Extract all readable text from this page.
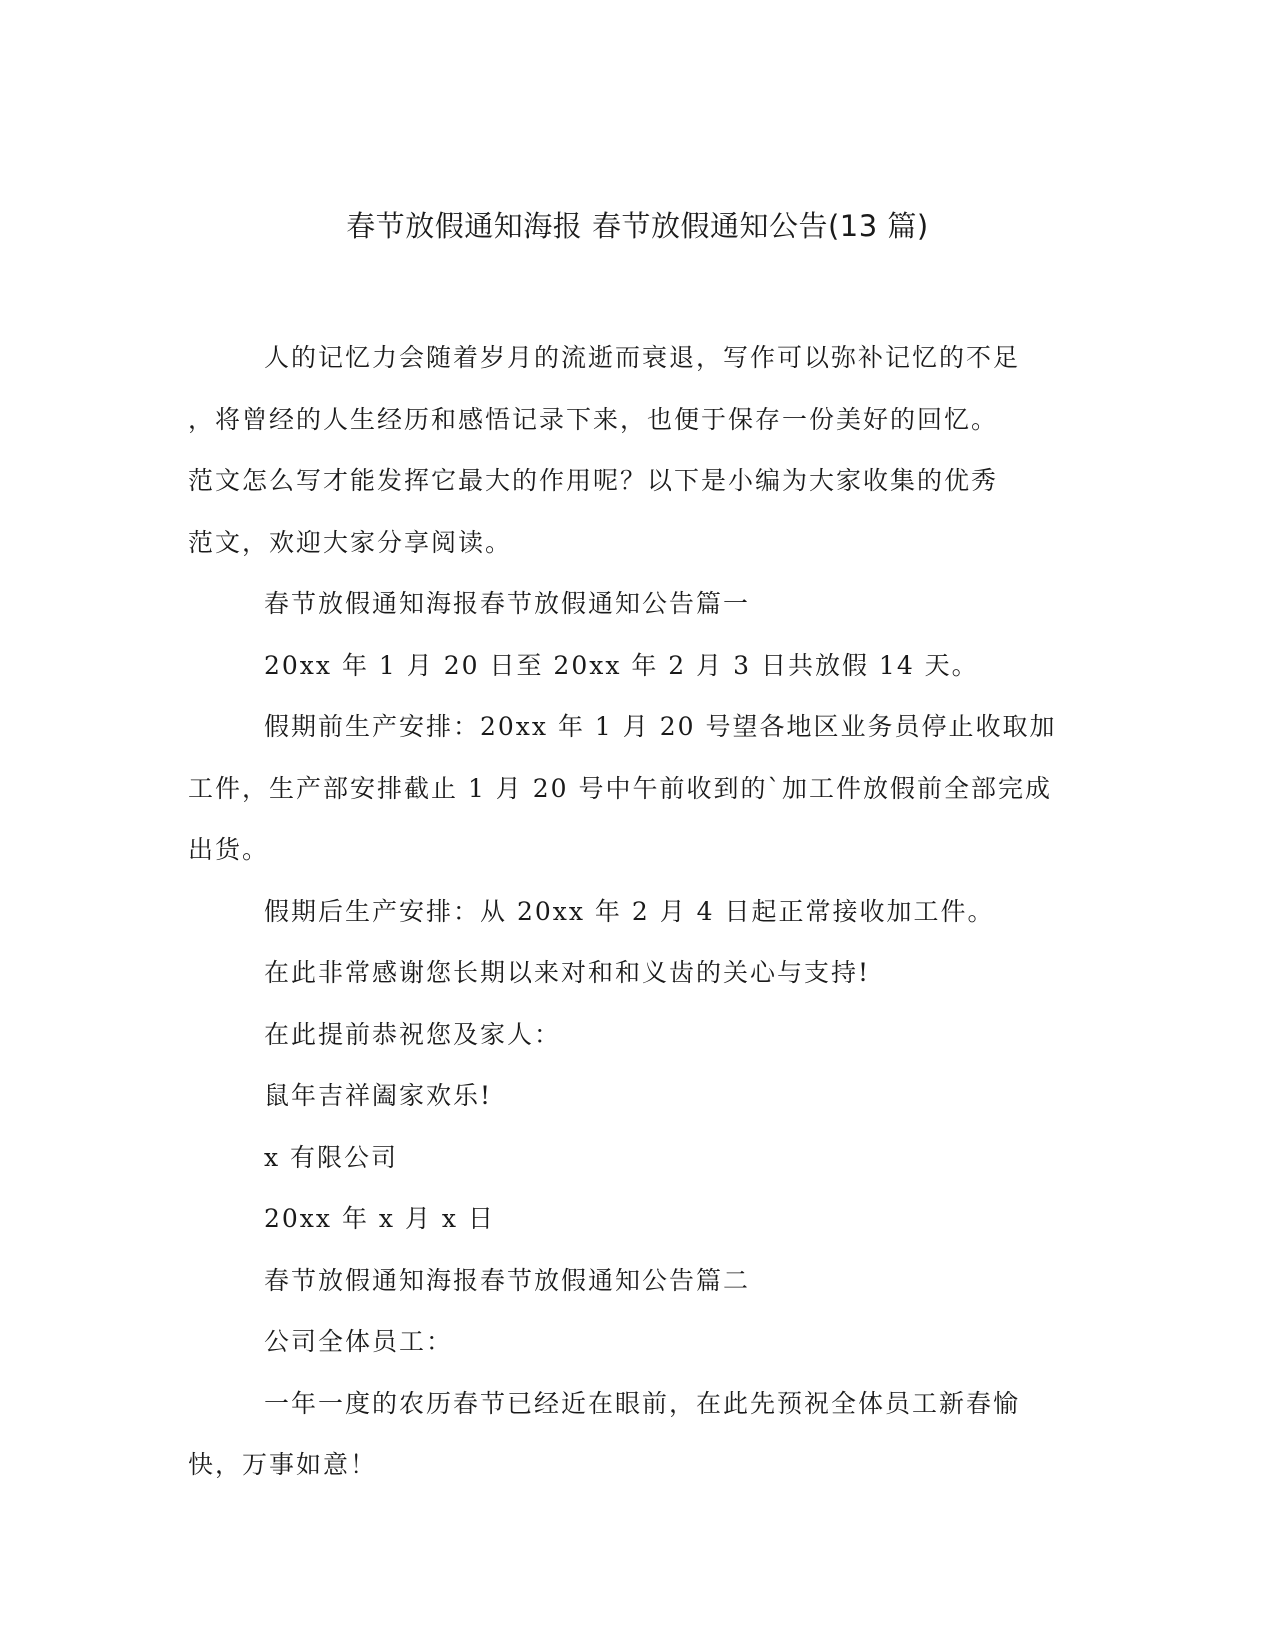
春节放假通知海报 春节放假通知公告(13 篇)

人的记忆力会随着岁月的流逝而衰退，写作可以弥补记忆的不足

，将曾经的人生经历和感悟记录下来，也便于保存一份美好的回忆。

范文怎么写才能发挥它最大的作用呢？以下是小编为大家收集的优秀

范文，欢迎大家分享阅读。

春节放假通知海报春节放假通知公告篇一

20xx 年 1 月 20 日至 20xx 年 2 月 3 日共放假 14 天。

假期前生产安排：20xx 年 1 月 20 号望各地区业务员停止收取加

工件，生产部安排截止 1 月 20 号中午前收到的`加工件放假前全部完成

出货。

假期后生产安排：从 20xx 年 2 月 4 日起正常接收加工件。

在此非常感谢您长期以来对和和义齿的关心与支持!

在此提前恭祝您及家人：

鼠年吉祥阖家欢乐!

x 有限公司

20xx 年 x 月 x 日

春节放假通知海报春节放假通知公告篇二

公司全体员工：

一年一度的农历春节已经近在眼前，在此先预祝全体员工新春愉

快，万事如意！
